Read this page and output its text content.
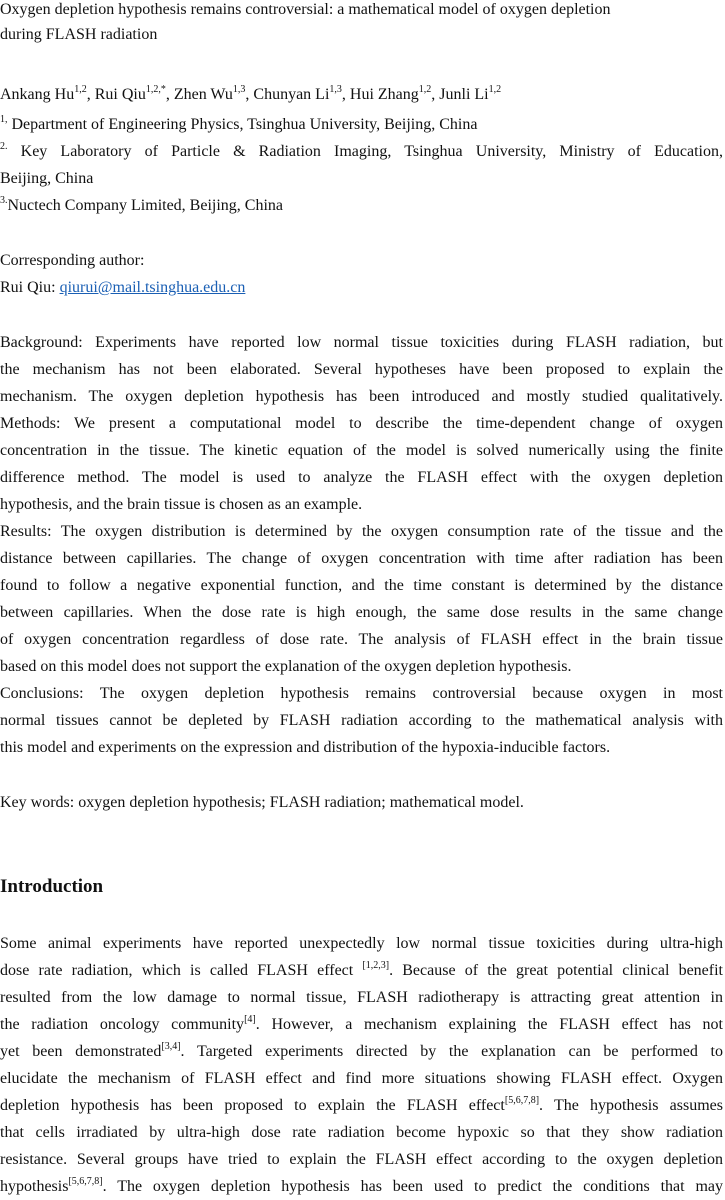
Oxygen depletion hypothesis remains controversial: a mathematical model of oxygen depletion
during FLASH radiation
Ankang Hu$^{1,2}$, Rui Qiu$^{1,2,*}$, Zhen Wu$^{1,3}$, Chunyan Li$^{1,3}$, Hui Zhang$^{1,2}$, Junli Li$^{1,2}$
$^{1,}$ Department of Engineering Physics, Tsinghua University, Beijing, China
$^{2.}$ Key Laboratory of Particle & Radiation Imaging, Tsinghua University, Ministry of Education,
Beijing, China
$^{3.}$Nuctech Company Limited, Beijing, China
Corresponding author:
Rui Qiu: qiurui@mail.tsinghua.edu.cn
Background: Experiments have reported low normal tissue toxicities during FLASH radiation, but
the mechanism has not been elaborated. Several hypotheses have been proposed to explain the
mechanism. The oxygen depletion hypothesis has been introduced and mostly studied qualitatively.
Methods: We present a computational model to describe the time-dependent change of oxygen
concentration in the tissue. The kinetic equation of the model is solved numerically using the finite
difference method. The model is used to analyze the FLASH effect with the oxygen depletion
hypothesis, and the brain tissue is chosen as an example.
Results: The oxygen distribution is determined by the oxygen consumption rate of the tissue and the
distance between capillaries. The change of oxygen concentration with time after radiation has been
found to follow a negative exponential function, and the time constant is determined by the distance
between capillaries. When the dose rate is high enough, the same dose results in the same change
of oxygen concentration regardless of dose rate. The analysis of FLASH effect in the brain tissue
based on this model does not support the explanation of the oxygen depletion hypothesis.
Conclusions: The oxygen depletion hypothesis remains controversial because oxygen in most
normal tissues cannot be depleted by FLASH radiation according to the mathematical analysis with
this model and experiments on the expression and distribution of the hypoxia-inducible factors.
Key words: oxygen depletion hypothesis; FLASH radiation; mathematical model.
Introduction
Some animal experiments have reported unexpectedly low normal tissue toxicities during ultra-high
dose rate radiation, which is called FLASH effect [1,2,3]. Because of the great potential clinical benefit
resulted from the low damage to normal tissue, FLASH radiotherapy is attracting great attention in
the radiation oncology community[4]. However, a mechanism explaining the FLASH effect has not
yet been demonstrated[3,4]. Targeted experiments directed by the explanation can be performed to
elucidate the mechanism of FLASH effect and find more situations showing FLASH effect. Oxygen
depletion hypothesis has been proposed to explain the FLASH effect[5,6,7,8]. The hypothesis assumes
that cells irradiated by ultra-high dose rate radiation become hypoxic so that they show radiation
resistance. Several groups have tried to explain the FLASH effect according to the oxygen depletion
hypothesis[5,6,7,8]. The oxygen depletion hypothesis has been used to predict the conditions that may
